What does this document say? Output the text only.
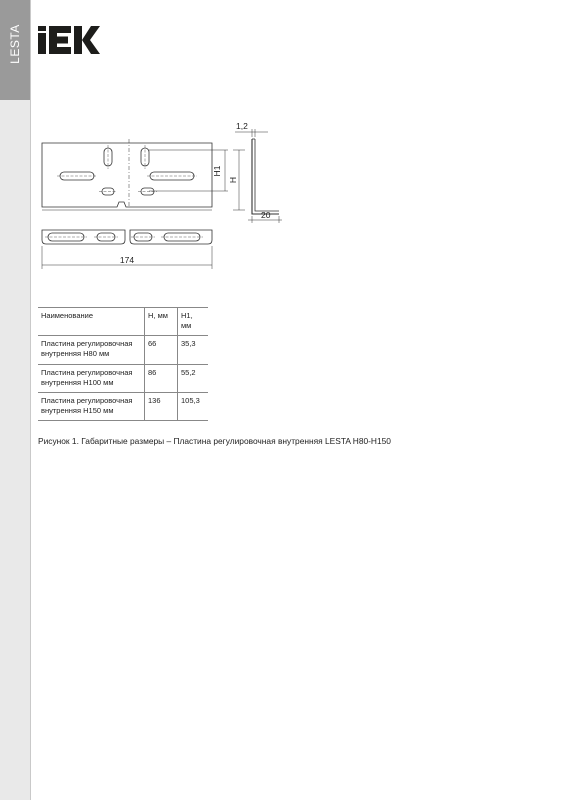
LESTA
1,2
H1
H
20
174
Наименование	H, мм	H1, мм
Пластина регулировочная
внутренняя H80 мм	66	35,3
Пластина регулировочная
внутренняя H100 мм	86	55,2
Пластина регулировочная
внутренняя H150 мм	136	105,3
Рисунок 1. Габаритные размеры – Пластина регулировочная внутренняя LESTA H80-H150
